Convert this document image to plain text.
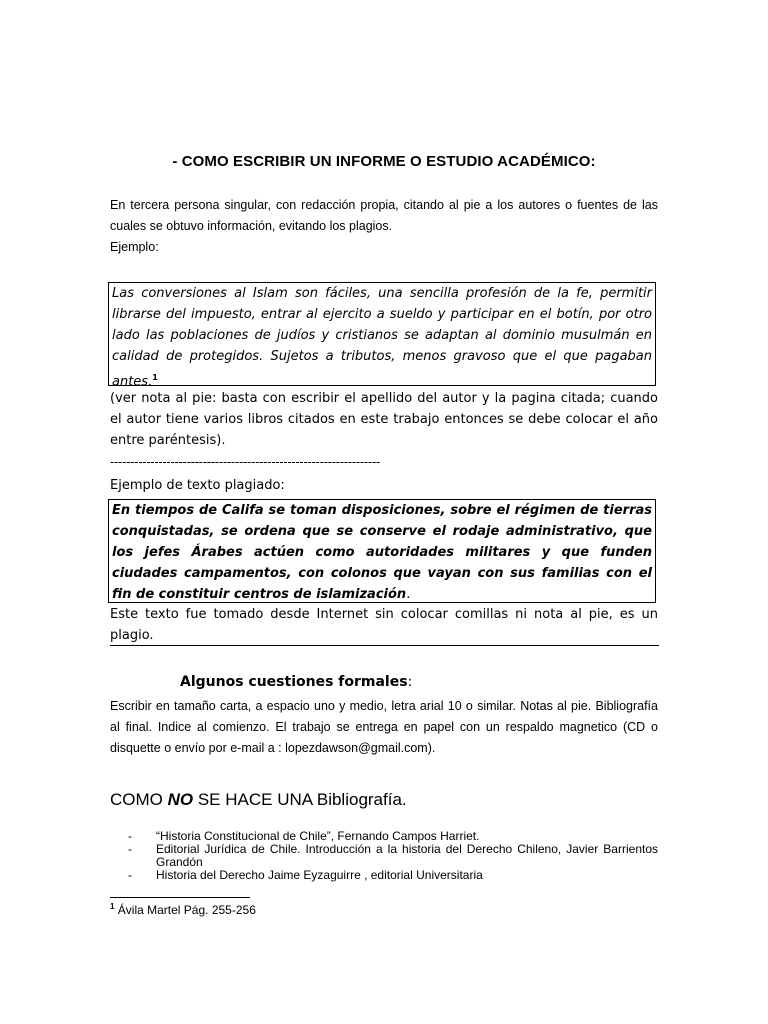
- COMO ESCRIBIR UN INFORME O ESTUDIO ACADÉMICO:
En tercera persona singular, con redacción propia, citando al pie a los autores o fuentes de las cuales se obtuvo información, evitando los plagios.
Ejemplo:
Las conversiones al Islam son fáciles, una sencilla profesión de la fe, permitir librarse del impuesto, entrar al ejercito a sueldo y participar en el botín, por otro lado las poblaciones de judíos y cristianos se adaptan al dominio musulmán en calidad de protegidos. Sujetos a tributos, menos gravoso que el que pagaban antes.$^1$
(ver nota al pie: basta con escribir el apellido del autor y la pagina citada; cuando el autor tiene varios libros citados en este trabajo entonces se debe colocar el año entre paréntesis).
-------------------------------------------------------------------
Ejemplo de texto plagiado:
En tiempos de Califa se toman disposiciones, sobre el régimen de tierras conquistadas, se ordena que se conserve el rodaje administrativo, que los jefes Árabes actúen como autoridades militares y que funden ciudades campamentos, con colonos que vayan con sus familias con el fin de constituir centros de islamización.
Este texto fue tomado desde Internet sin colocar comillas ni nota al pie, es un plagio.
Algunos cuestiones formales:
Escribir en tamaño carta, a espacio uno y medio, letra arial 10 o similar. Notas al pie. Bibliografía al final. Indice al comienzo. El trabajo se entrega en papel con un respaldo magnetico (CD o disquette o envío por e-mail a : lopezdawson@gmail.com).
COMO NO SE HACE UNA Bibliografía.
- “Historia Constitucional de Chile”, Fernando Campos Harriet.
- Editorial Jurídica de Chile. Introducción a la historia del Derecho Chileno, Javier Barrientos Grandón
- Historia del Derecho Jaime Eyzaguirre , editorial Universitaria
$^1$ Ávila Martel Pág. 255-256
